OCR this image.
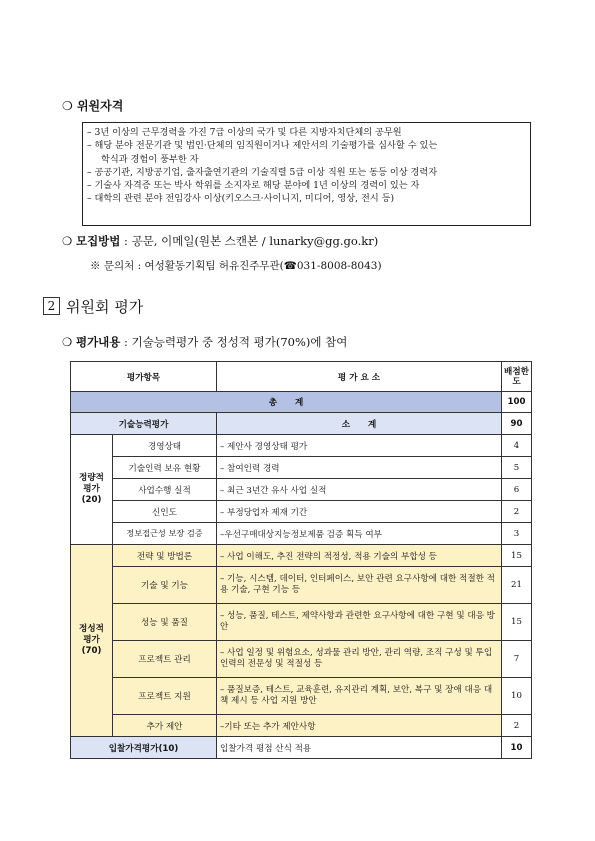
❍ 위원자격
– 3년 이상의 근무경력을 가진 7급 이상의 국가 및 다른 지방자치단체의 공무원
– 해당 분야 전문기관 및 법인·단체의 임직원이거나 제안서의 기술평가를 심사할 수 있는
학식과 경험이 풍부한 자
– 공공기관, 지방공기업, 출자출연기관의 기술직렬 5급 이상 직원 또는 동등 이상 경력자
– 기술사 자격증 또는 박사 학위를 소지자로 해당 분야에 1년 이상의 경력이 있는 자
– 대학의 관련 분야 전임강사 이상(키오스크·사이니지, 미디어, 영상, 전시 등)
❍ 모집방법 : 공문, 이메일(원본 스캔본 / lunarky@gg.go.kr)
※ 문의처 : 여성활동기획팀 허유진주무관(☎031-8008-8043)
2 위원회 평가
❍ 평가내용 : 기술능력평가 중 정성적 평가(70%)에 참여
평가항목		평 가 요 소	배점한도
총      계			100
기술능력평가		소      계	90
정량적 평가 (20)	경영상태	– 제안사 경영상태 평가	4
	기술인력 보유 현황	– 참여인력 경력	5
	사업수행 실적	– 최근 3년간 유사 사업 실적	6
	신인도	– 부정당업자 제재 기간	2
	정보접근성 보장 검증	–우선구매대상지능정보제품 검증 획득 여부	3
정성적 평가 (70)	전략 및 방법론	– 사업 이해도, 추진 전략의 적정성, 적용 기술의 부합성 등	15
	기술 및 기능	– 기능, 시스템, 데이터, 인터페이스, 보안 관련 요구사항에 대한 적절한 적용 기술, 구현 기능 등	21
	성능 및 품질	– 성능, 품질, 테스트, 제약사항과 관련한 요구사항에 대한 구현 및 대응 방안	15
	프로젝트 관리	– 사업 일정 및 위험요소, 성과물 관리 방안, 관리 역량, 조직 구성 및 투입인력의 전문성 및 적절성 등	7
	프로젝트 지원	– 품질보증, 테스트, 교육훈련, 유지관리 계획, 보안, 복구 및 장애 대응 대책 제시 등 사업 지원 방안	10
	추가 제안	–기타 또는 추가 제안사항	2
입찰가격평가(10)		입찰가격 평점 산식 적용	10
